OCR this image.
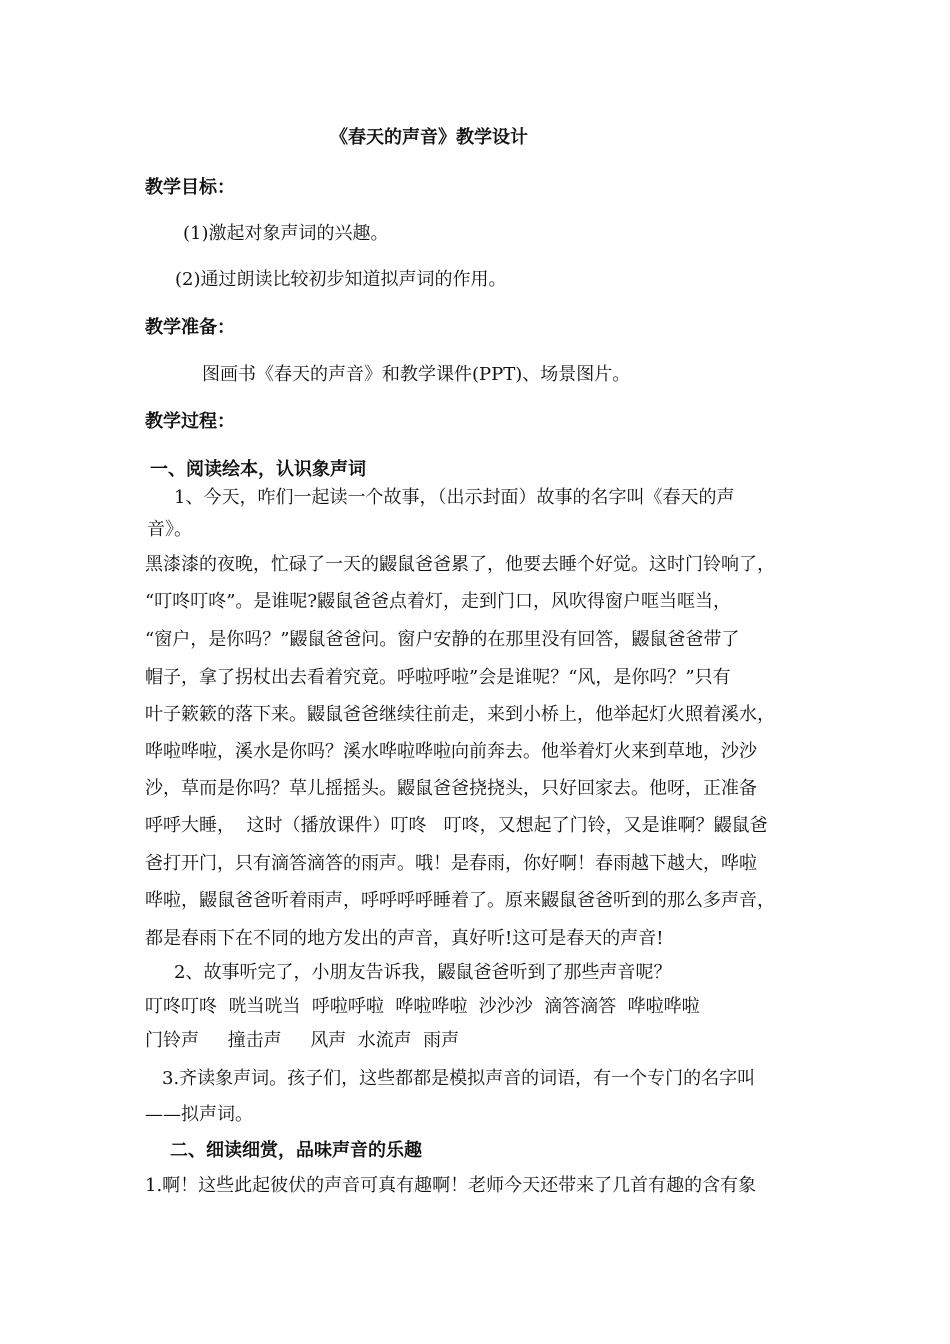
《春天的声音》教学设计
教学目标：
(1)激起对象声词的兴趣。
(2)通过朗读比较初步知道拟声词的作用。
教学准备：
图画书《春天的声音》和教学课件(PPT)、场景图片。
教学过程：
一、阅读绘本，认识象声词
1、今天，咋们一起读一个故事，（出示封面）故事的名字叫《春天的声
音》。
黑漆漆的夜晚，忙碌了一天的鼹鼠爸爸累了，他要去睡个好觉。这时门铃响了，
“叮咚叮咚”。是谁呢?鼹鼠爸爸点着灯，走到门口，风吹得窗户哐当哐当，
“窗户，是你吗？”鼹鼠爸爸问。窗户安静的在那里没有回答，鼹鼠爸爸带了
帽子，拿了拐杖出去看着究竟。呼啦呼啦”会是谁呢？“风，是你吗？”只有
叶子簌簌的落下来。鼹鼠爸爸继续往前走，来到小桥上，他举起灯火照着溪水，
哗啦哗啦，溪水是你吗？溪水哗啦哗啦向前奔去。他举着灯火来到草地，沙沙
沙，草而是你吗？草儿摇摇头。鼹鼠爸爸挠挠头，只好回家去。他呀，正准备
呼呼大睡，  这时（播放课件）叮咚   叮咚，又想起了门铃，又是谁啊？鼹鼠爸
爸打开门，只有滴答滴答的雨声。哦！是春雨，你好啊！春雨越下越大，哗啦
哗啦，鼹鼠爸爸听着雨声，呼呼呼呼睡着了。原来鼹鼠爸爸听到的那么多声音，
都是春雨下在不同的地方发出的声音，真好听!这可是春天的声音!
2、故事听完了，小朋友告诉我，鼹鼠爸爸听到了那些声音呢？
叮咚叮咚  咣当咣当  呼啦呼啦  哗啦哗啦  沙沙沙  滴答滴答  哗啦哗啦
门铃声     撞击声     风声  水流声  雨声
3.齐读象声词。孩子们，这些都都是模拟声音的词语，有一个专门的名字叫
——拟声词。
二、细读细赏，品味声音的乐趣
1.啊！这些此起彼伏的声音可真有趣啊！老师今天还带来了几首有趣的含有象
